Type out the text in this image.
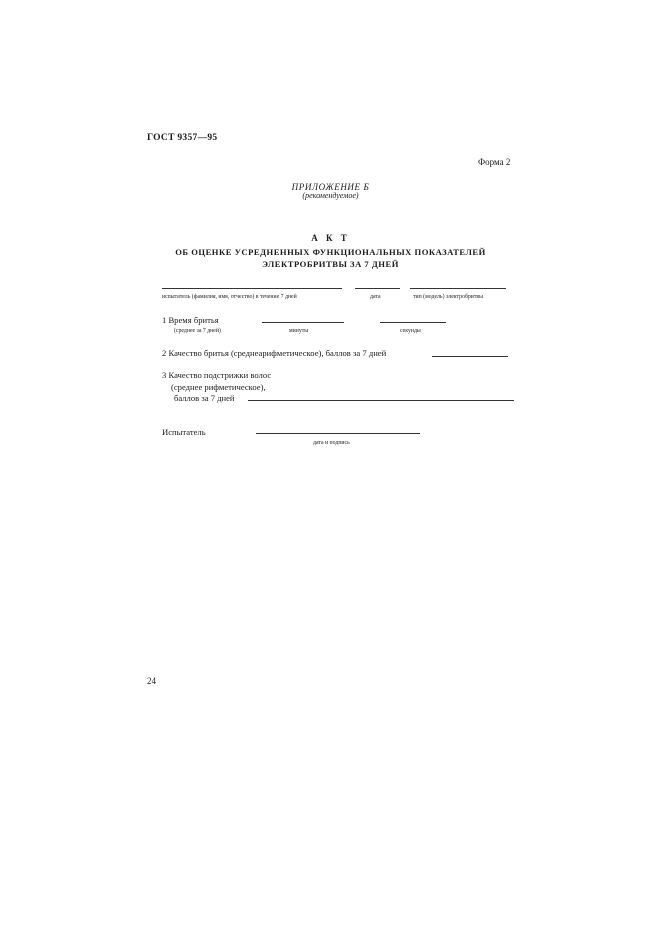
ГОСТ 9357—95
Форма 2
ПРИЛОЖЕНИЕ Б
(рекомендуемое)
А К Т
ОБ ОЦЕНКЕ УСРЕДНЕННЫХ ФУНКЦИОНАЛЬНЫХ ПОКАЗАТЕЛЕЙ
ЭЛЕКТРОБРИТВЫ ЗА 7 ДНЕЙ
испытатель (фамилия, имя, отчество) в течение 7 дней	дата	тип (модель) электробритвы
1 Время бритья
(среднее за 7 дней)	минуты	секунды
2 Качество бритья (среднеарифметическое), баллов за 7 дней
3 Качество подстрижки волос
(среднее рифметическое),
баллов за 7 дней
Испытатель
дата и подпись
24
